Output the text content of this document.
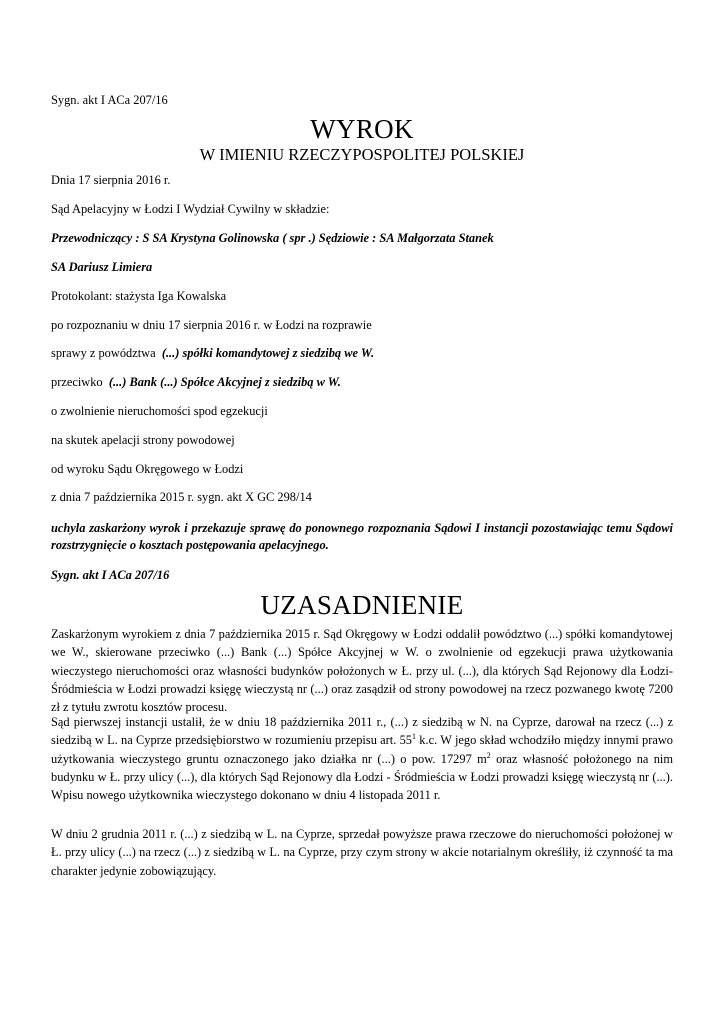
Sygn. akt I ACa 207/16
WYROK
W IMIENIU RZECZYPOSPOLITEJ POLSKIEJ
Dnia 17 sierpnia 2016 r.
Sąd Apelacyjny w Łodzi I Wydział Cywilny w składzie:
Przewodniczący : S SA Krystyna Golinowska ( spr .) Sędziowie : SA Małgorzata Stanek
SA Dariusz Limiera
Protokolant: stażysta Iga Kowalska
po rozpoznaniu w dniu 17 sierpnia 2016 r. w Łodzi na rozprawie
sprawy z powództwa (...) spółki komandytowej z siedzibą we W.
przeciwko (...) Bank (...) Spółce Akcyjnej z siedzibą w W.
o zwolnienie nieruchomości spod egzekucji
na skutek apelacji strony powodowej
od wyroku Sądu Okręgowego w Łodzi
z dnia 7 października 2015 r. sygn. akt X GC 298/14
uchyla zaskarżony wyrok i przekazuje sprawę do ponownego rozpoznania Sądowi I instancji pozostawiając temu Sądowi rozstrzygnięcie o kosztach postępowania apelacyjnego.
Sygn. akt I ACa 207/16
UZASADNIENIE
Zaskarżonym wyrokiem z dnia 7 października 2015 r. Sąd Okręgowy w Łodzi oddalił powództwo (...) spółki komandytowej we W., skierowane przeciwko (...) Bank (...) Spółce Akcyjnej w W. o zwolnienie od egzekucji prawa użytkowania wieczystego nieruchomości oraz własności budynków położonych w Ł. przy ul. (...), dla których Sąd Rejonowy dla Łodzi-Śródmieścia w Łodzi prowadzi księgę wieczystą nr (...) oraz zasądził od strony powodowej na rzecz pozwanego kwotę 7200 zł z tytułu zwrotu kosztów procesu.
Sąd pierwszej instancji ustalił, że w dniu 18 października 2011 r., (...) z siedzibą w N. na Cyprze, darował na rzecz (...) z siedzibą w L. na Cyprze przedsiębiorstwo w rozumieniu przepisu art. $55^1$ k.c. W jego skład wchodziło między innymi prawo użytkowania wieczystego gruntu oznaczonego jako działka nr (...) o pow. 17297 $m^2$ oraz własność położonego na nim budynku w Ł. przy ulicy (...), dla których Sąd Rejonowy dla Łodzi - Śródmieścia w Łodzi prowadzi księgę wieczystą nr (...). Wpisu nowego użytkownika wieczystego dokonano w dniu 4 listopada 2011 r.
W dniu 2 grudnia 2011 r. (...) z siedzibą w L. na Cyprze, sprzedał powyższe prawa rzeczowe do nieruchomości położonej w Ł. przy ulicy (...) na rzecz (...) z siedzibą w L. na Cyprze, przy czym strony w akcie notarialnym określiły, iż czynność ta ma charakter jedynie zobowiązujący.
